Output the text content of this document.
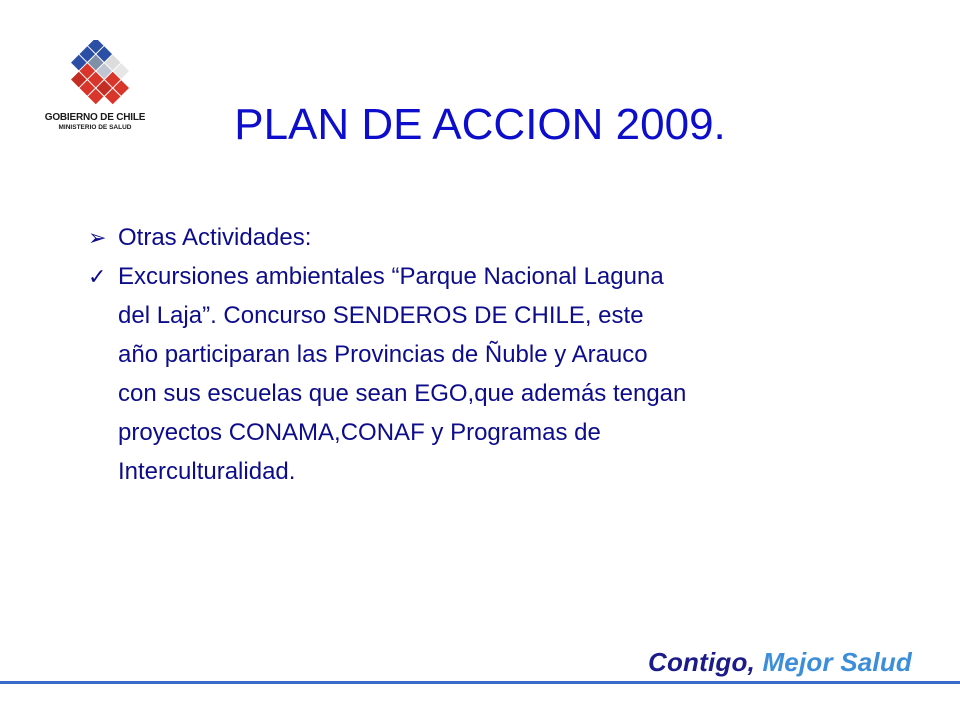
GOBIERNO DE CHILE
MINISTERIO DE SALUD	PLAN DE ACCION 2009.
➢ Otras Actividades:
✓ Excursiones ambientales “Parque Nacional Laguna
del Laja”. Concurso SENDEROS DE CHILE, este
año participaran las Provincias de Ñuble y Arauco
con sus escuelas que sean EGO,que además tengan
proyectos CONAMA,CONAF y Programas de
Interculturalidad.
Contigo, Mejor Salud
